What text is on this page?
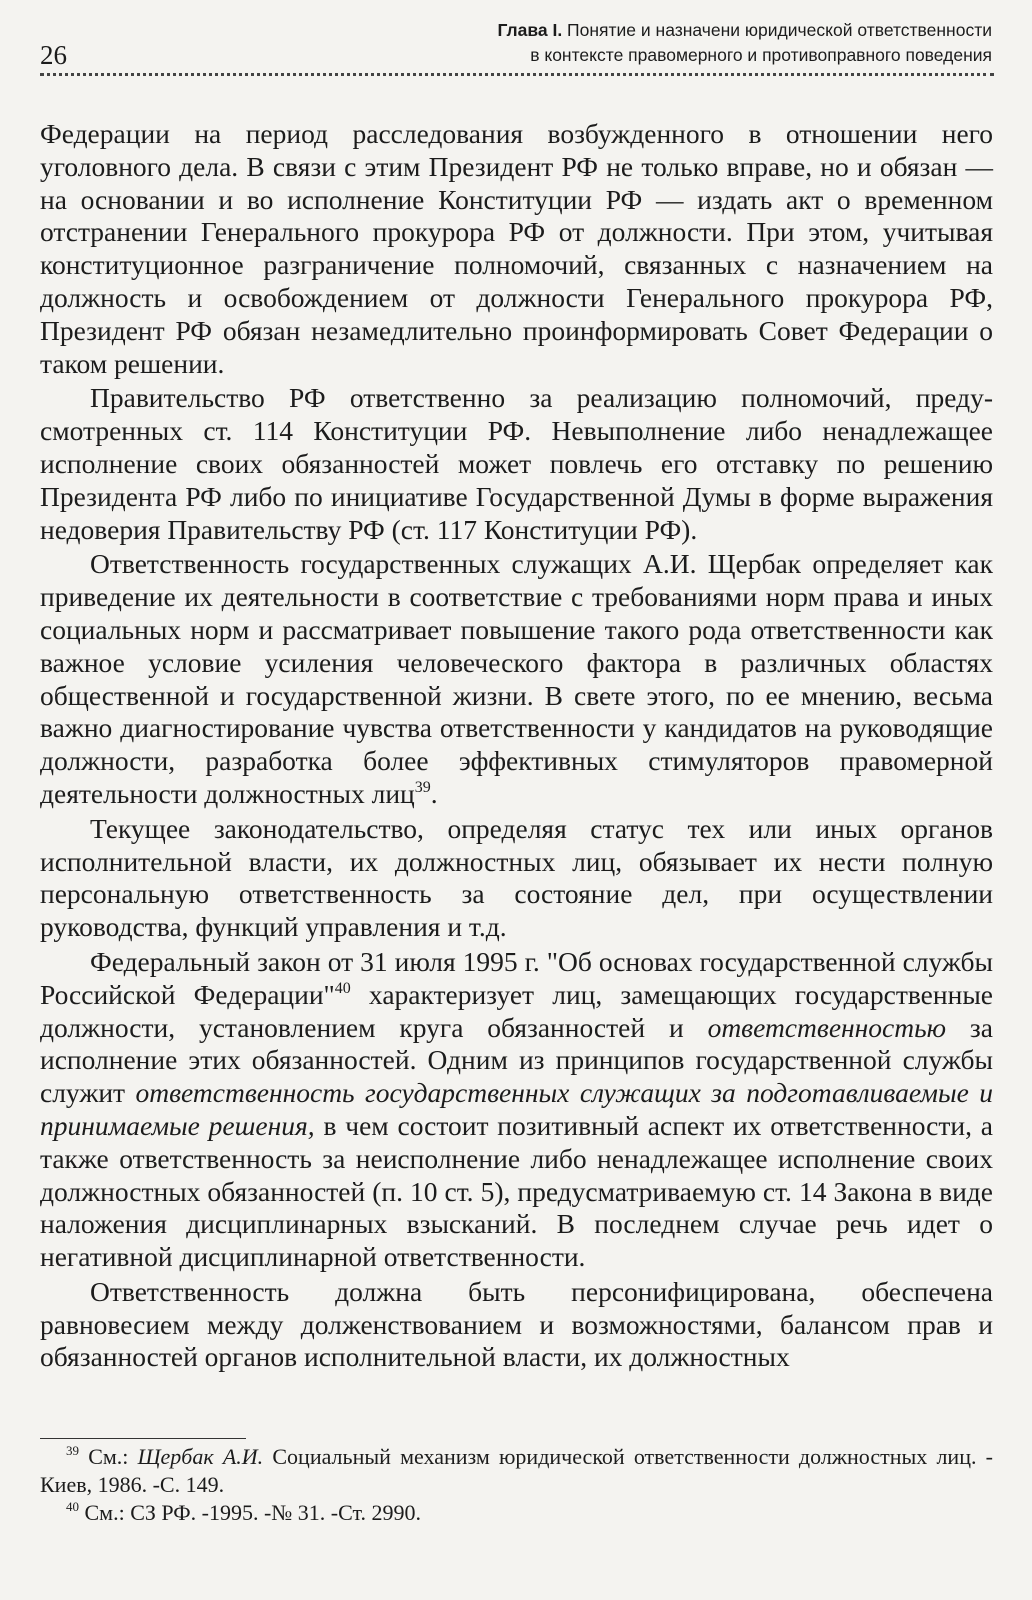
26
Глава I. Понятие и назначени юридической ответственности
в контексте правомерного и противоправного поведения

Федерации на период расследования возбужденного в отношении него уголовного дела. В связи с этим Президент РФ не только вправе, но и обязан — на основании и во исполнение Конституции РФ — издать акт о временном отстранении Генерального прокурора РФ от должности. При этом, учитывая конституционное разграничение полномочий, связанных с назначением на должность и освобождением от должности Генерального прокурора РФ, Президент РФ обязан незамедлительно проинформировать Совет Федерации о таком решении.

Правительство РФ ответственно за реализацию полномочий, предусмотренных ст. 114 Конституции РФ. Невыполнение либо ненадлежащее исполнение своих обязанностей может повлечь его отставку по решению Президента РФ либо по инициативе Государственной Думы в форме выражения недоверия Правительству РФ (ст. 117 Конституции РФ).

Ответственность государственных служащих А.И. Щербак определяет как приведение их деятельности в соответствие с требованиями норм права и иных социальных норм и рассматривает повышение такого рода ответственности как важное условие усиления человеческого фактора в различных областях общественной и государственной жизни. В свете этого, по ее мнению, весьма важно диагностирование чувства ответственности у кандидатов на руководящие должности, разработка более эффективных стимуляторов правомерной деятельности должностных лиц$^{39}$.

Текущее законодательство, определяя статус тех или иных органов исполнительной власти, их должностных лиц, обязывает их нести полную персональную ответственность за состояние дел, при осуществлении руководства, функций управления и т.д.

Федеральный закон от 31 июля 1995 г. "Об основах государственной службы Российской Федерации"$^{40}$ характеризует лиц, замещающих государственные должности, установлением круга обязанностей и ответственностью за исполнение этих обязанностей. Одним из принципов государственной службы служит ответственность государственных служащих за подготавливаемые и принимаемые решения, в чем состоит позитивный аспект их ответственности, а также ответственность за неисполнение либо ненадлежащее исполнение своих должностных обязанностей (п. 10 ст. 5), предусматриваемую ст. 14 Закона в виде наложения дисциплинарных взысканий. В последнем случае речь идет о негативной дисциплинарной ответственности.

Ответственность должна быть персонифицирована, обеспечена равновесием между долженствованием и возможностями, балансом прав и обязанностей органов исполнительной власти, их должностных

$^{39}$ См.: Щербак А.И. Социальный механизм юридической ответственности должностных лиц. - Киев, 1986. -С. 149.

$^{40}$ См.: СЗ РФ. -1995. -№ 31. -Ст. 2990.
